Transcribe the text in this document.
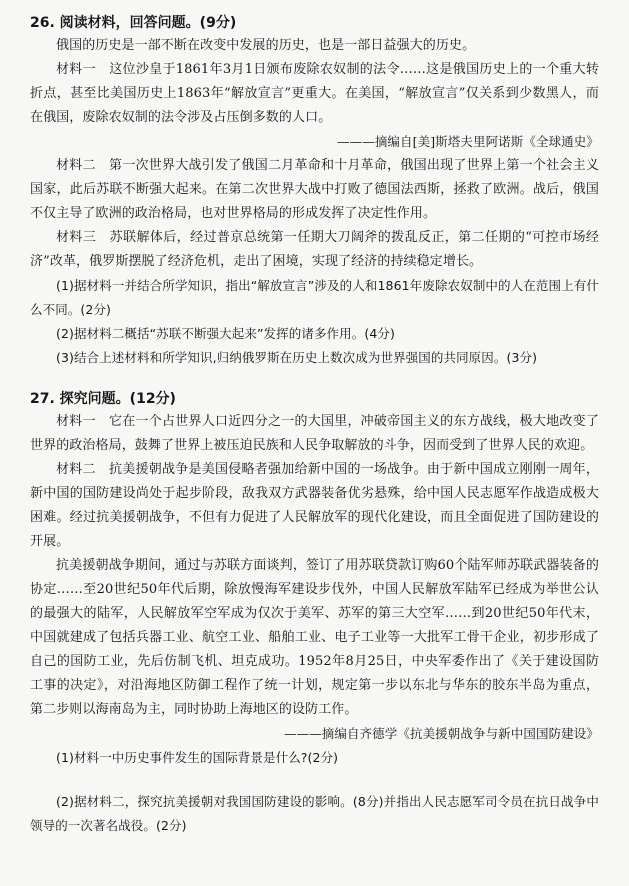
26. 阅读材料，回答问题。(9分)

俄国的历史是一部不断在改变中发展的历史，也是一部日益强大的历史。

材料一　这位沙皇于1861年3月1日颁布废除农奴制的法令……这是俄国历史上的一个重大转折点，甚至比美国历史上1863年“解放宣言”更重大。在美国，“解放宣言”仅关系到少数黑人，而在俄国，废除农奴制的法令涉及占压倒多数的人口。

———摘编自[美]斯塔夫里阿诺斯《全球通史》

材料二　第一次世界大战引发了俄国二月革命和十月革命，俄国出现了世界上第一个社会主义国家，此后苏联不断强大起来。在第二次世界大战中打败了德国法西斯，拯救了欧洲。战后，俄国不仅主导了欧洲的政治格局，也对世界格局的形成发挥了决定性作用。

材料三　苏联解体后，经过普京总统第一任期大刀阔斧的拨乱反正，第二任期的“可控市场经济”改革，俄罗斯摆脱了经济危机，走出了困境，实现了经济的持续稳定增长。

(1)据材料一并结合所学知识，指出“解放宣言”涉及的人和1861年废除农奴制中的人在范围上有什么不同。(2分)

(2)据材料二概括“苏联不断强大起来”发挥的诸多作用。(4分)

(3)结合上述材料和所学知识,归纳俄罗斯在历史上数次成为世界强国的共同原因。(3分)

27. 探究问题。(12分)

材料一　它在一个占世界人口近四分之一的大国里，冲破帝国主义的东方战线，极大地改变了世界的政治格局，鼓舞了世界上被压迫民族和人民争取解放的斗争，因而受到了世界人民的欢迎。

材料二　抗美援朝战争是美国侵略者强加给新中国的一场战争。由于新中国成立刚刚一周年，新中国的国防建设尚处于起步阶段，敌我双方武器装备优劣悬殊，给中国人民志愿军作战造成极大困难。经过抗美援朝战争，不但有力促进了人民解放军的现代化建设，而且全面促进了国防建设的开展。

抗美援朝战争期间，通过与苏联方面谈判，签订了用苏联贷款订购60个陆军师苏联武器装备的协定……至20世纪50年代后期，除放慢海军建设步伐外，中国人民解放军陆军已经成为举世公认的最强大的陆军，人民解放军空军成为仅次于美军、苏军的第三大空军……到20世纪50年代末，中国就建成了包括兵器工业、航空工业、船舶工业、电子工业等一大批军工骨干企业，初步形成了自己的国防工业，先后仿制飞机、坦克成功。1952年8月25日，中央军委作出了《关于建设国防工事的决定》，对沿海地区防御工程作了统一计划，规定第一步以东北与华东的胶东半岛为重点，第二步则以海南岛为主，同时协助上海地区的设防工作。

———摘编自齐德学《抗美援朝战争与新中国国防建设》

(1)材料一中历史事件发生的国际背景是什么?(2分)

(2)据材料二，探究抗美援朝对我国国防建设的影响。(8分)并指出人民志愿军司令员在抗日战争中领导的一次著名战役。(2分)
